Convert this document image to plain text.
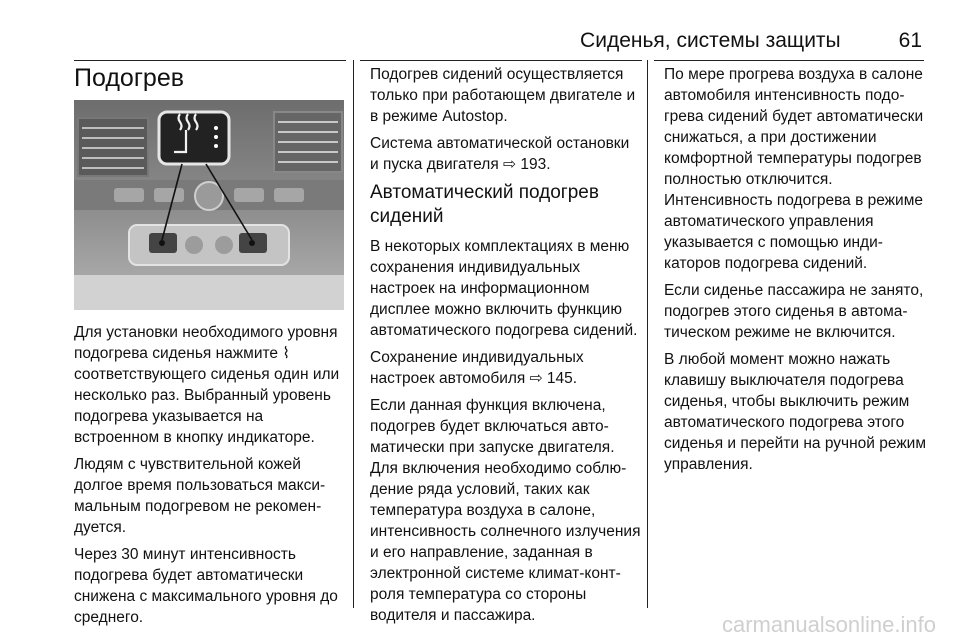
Сиденья, системы защиты	61
Подогрев

Для установки необходимого уровня подогрева сиденья нажмите ⌇ соответствующего сиденья один или несколько раз. Выбранный уровень подогрева указывается на встроенном в кнопку индикаторе.

Людям с чувствительной кожей долгое время пользоваться максимальным подогревом не рекомендуется.

Через 30 минут интенсивность подогрева будет автоматически снижена с максимального уровня до среднего.

Подогрев сидений осуществляется только при работающем двигателе и в режиме Autostop.

Система автоматической остановки и пуска двигателя ⇨ 193.

Автоматический подогрев сидений

В некоторых комплектациях в меню сохранения индивидуальных настроек на информационном дисплее можно включить функцию автоматического подогрева сидений.

Сохранение индивидуальных настроек автомобиля ⇨ 145.

Если данная функция включена, подогрев будет включаться автоматически при запуске двигателя. Для включения необходимо соблюдение ряда условий, таких как температура воздуха в салоне, интенсивность солнечного излучения и его направление, заданная в электронной системе климат-контроля температура со стороны водителя и пассажира.

По мере прогрева воздуха в салоне автомобиля интенсивность подогрева сидений будет автоматически снижаться, а при достижении комфортной температуры подогрев полностью отключится. Интенсивность подогрева в режиме автоматического управления указывается с помощью индикаторов подогрева сидений.

Если сиденье пассажира не занято, подогрев этого сиденья в автоматическом режиме не включится.

В любой момент можно нажать клавишу выключателя подогрева сиденья, чтобы выключить режим автоматического подогрева этого сиденья и перейти на ручной режим управления.

carmanualsonline.info
